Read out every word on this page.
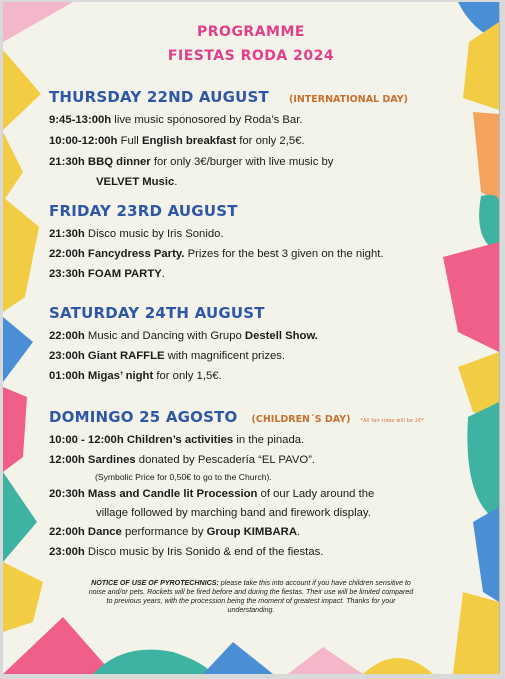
PROGRAMME
FIESTAS RODA 2024
THURSDAY 22ND AUGUST (INTERNATIONAL DAY)
9:45-13:00h live music sponosored by Roda’s Bar.
10:00-12:00h Full English breakfast for only 2,5€.
21:30h BBQ dinner for only 3€/burger with live music by
VELVET Music.
FRIDAY 23RD AUGUST
21:30h Disco music by Iris Sonido.
22:00h Fancydress Party. Prizes for the best 3 given on the night.
23:30h FOAM PARTY.
SATURDAY 24TH AUGUST
22:00h Music and Dancing with Grupo Destell Show.
23:00h Giant RAFFLE with magnificent prizes.
01:00h Migas’ night for only 1,5€.
DOMINGO 25 AGOSTO (CHILDREN´S DAY) *All fair rides will be 2€*
10:00 - 12:00h Children’s activities in the pinada.
12:00h Sardines donated by Pescadería “EL PAVO”.
(Symbolic Price for 0,50€ to go to the Church).
20:30h Mass and Candle lit Procession of our Lady around the
village followed by marching band and firework display.
22:00h Dance performance by Group KIMBARA.
23:00h Disco music by Iris Sonido & end of the fiestas.
NOTICE OF USE OF PYROTECHNICS: please take this into account if you have children sensitive to
noise and/or pets. Rockets will be fired before and during the fiestas. Their use will be limited compared
to previous years, with the procession being the moment of greatest impact. Thanks for your
understanding.
